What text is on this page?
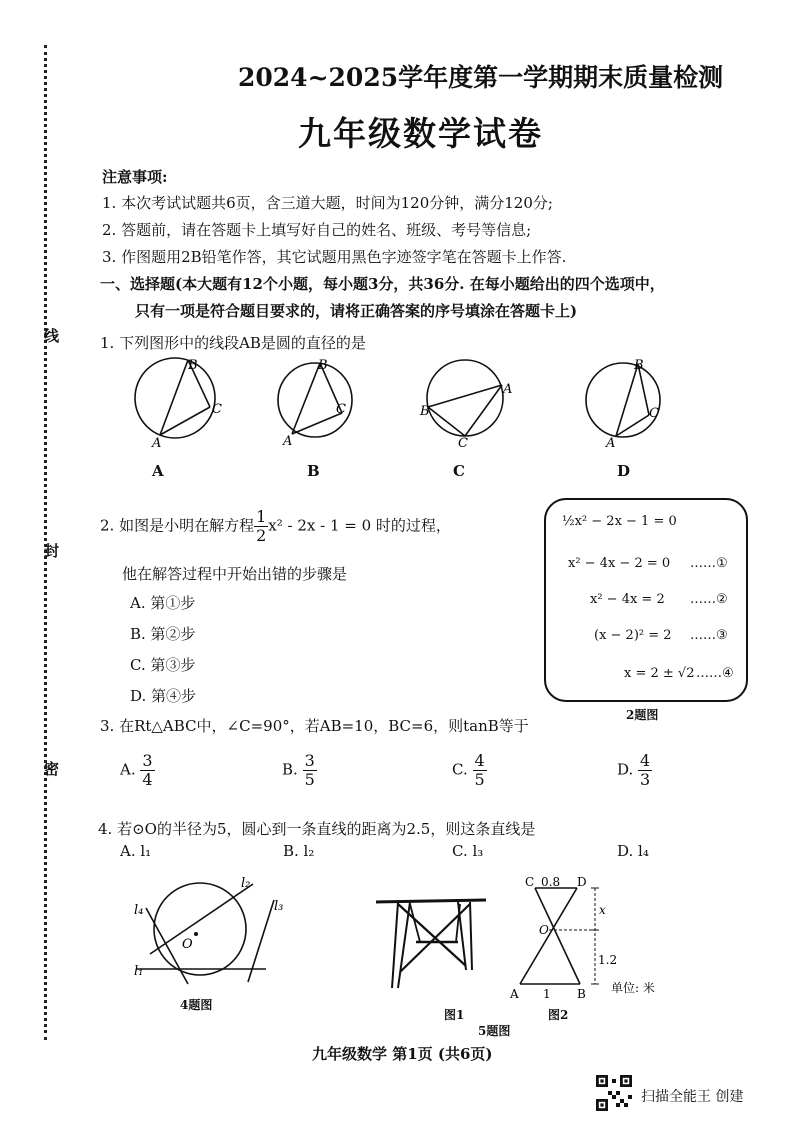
线
封
密
2024~2025学年度第一学期期末质量检测
九年级数学试卷
注意事项:
1. 本次考试试题共6页，含三道大题，时间为120分钟，满分120分;
2. 答题前，请在答题卡上填写好自己的姓名、班级、考号等信息;
3. 作图题用2B铅笔作答，其它试题用黑色字迹签字笔在答题卡上作答.
一、选择题(本大题有12个小题，每小题3分，共36分. 在每小题给出的四个选项中，
只有一项是符合题目要求的，请将正确答案的序号填涂在答题卡上)
1. 下列图形中的线段AB是圆的直径的是
B
C
A
B
C
A
B
A
C
B
C
A
A	B	C	D
2. 如图是小明在解方程 $\frac{1}{2} x^2 - 2x - 1 = 0$ 时的过程，
他在解答过程中开始出错的步骤是
A. 第①步
B. 第②步
C. 第③步
D. 第④步
½x² − 2x − 1 = 0
x² − 4x − 2 = 0 ……①
x² − 4x = 2 ……②
(x − 2)² = 2 ……③
x = 2 ± √2 ……④
2题图
3. 在Rt△ABC中，∠C=90°，若AB=10，BC=6，则tanB等于
A. $\frac{3}{4}$	B. $\frac{3}{5}$	C. $\frac{4}{5}$	D. $\frac{4}{3}$
4. 若⊙O的半径为5，圆心到一条直线的距离为2.5，则这条直线是
A. l₁	B. l₂	C. l₃	D. l₄
O
l₂
l₃
l₄
l₁
4题图
图1
C 0.8 D
O
x
1.2
A 1 B 单位: 米
图2
5题图
九年级数学 第1页 (共6页)
扫描全能王 创建
